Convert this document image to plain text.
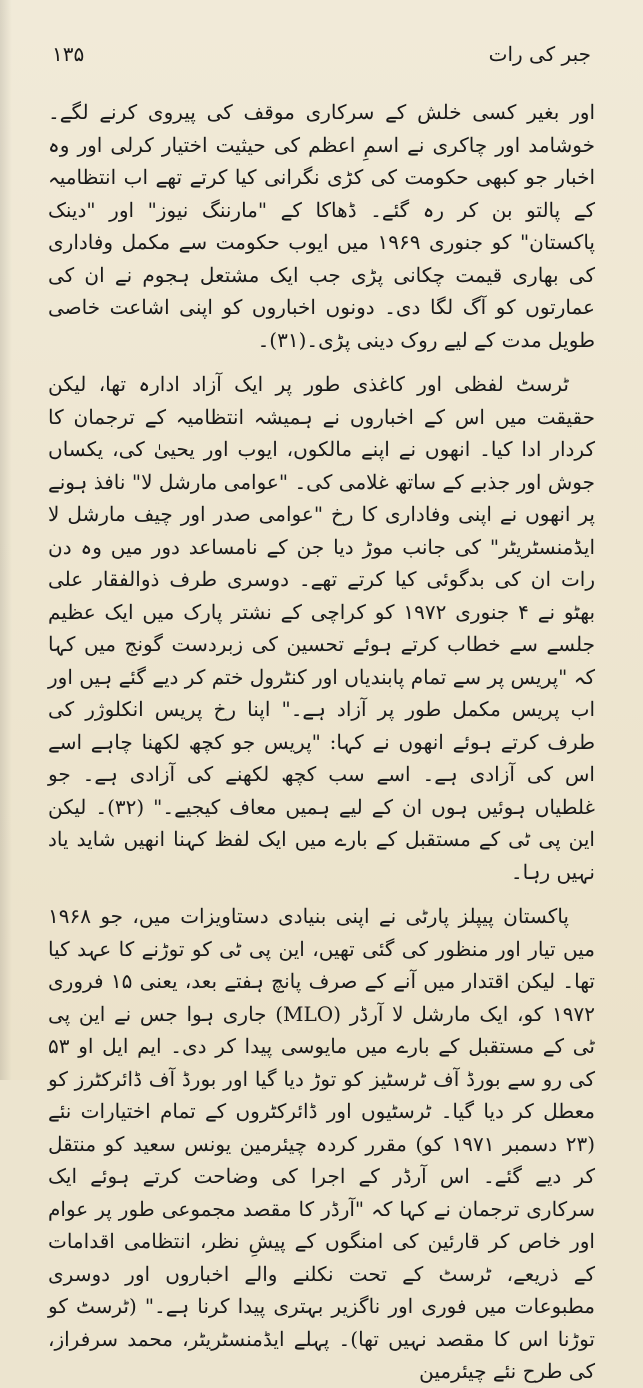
۱۳۵	جبر کی رات

اور بغیر کسی خلش کے سرکاری موقف کی پیروی کرنے لگے۔ خوشامد اور چاکری نے اسمِ اعظم کی حیثیت اختیار کرلی اور وہ اخبار جو کبھی حکومت کی کڑی نگرانی کیا کرتے تھے اب انتظامیہ کے پالتو بن کر رہ گئے۔ ڈھاکا کے "مارننگ نیوز" اور "دینک پاکستان" کو جنوری ۱۹۶۹ میں ایوب حکومت سے مکمل وفاداری کی بھاری قیمت چکانی پڑی جب ایک مشتعل ہجوم نے ان کی عمارتوں کو آگ لگا دی۔ دونوں اخباروں کو اپنی اشاعت خاصی طویل مدت کے لیے روک دینی پڑی۔(۳۱)۔

ٹرسٹ لفظی اور کاغذی طور پر ایک آزاد ادارہ تھا، لیکن حقیقت میں اس کے اخباروں نے ہمیشہ انتظامیہ کے ترجمان کا کردار ادا کیا۔ انھوں نے اپنے مالکوں، ایوب اور یحییٰ کی، یکساں جوش اور جذبے کے ساتھ غلامی کی۔ "عوامی مارشل لا" نافذ ہونے پر انھوں نے اپنی وفاداری کا رخ "عوامی صدر اور چیف مارشل لا ایڈمنسٹریٹر" کی جانب موڑ دیا جن کے نامساعد دور میں وہ دن رات ان کی بدگوئی کیا کرتے تھے۔ دوسری طرف ذوالفقار علی بھٹو نے ۴ جنوری ۱۹۷۲ کو کراچی کے نشتر پارک میں ایک عظیم جلسے سے خطاب کرتے ہوئے تحسین کی زبردست گونج میں کہا کہ "پریس پر سے تمام پابندیاں اور کنٹرول ختم کر دیے گئے ہیں اور اب پریس مکمل طور پر آزاد ہے۔" اپنا رخ پریس انکلوژر کی طرف کرتے ہوئے انھوں نے کہا: "پریس جو کچھ لکھنا چاہے اسے اس کی آزادی ہے۔ اسے سب کچھ لکھنے کی آزادی ہے۔ جو غلطیاں ہوئیں ہوں ان کے لیے ہمیں معاف کیجیے۔" (۳۲)۔ لیکن این پی ٹی کے مستقبل کے بارے میں ایک لفظ کہنا انھیں شاید یاد نہیں رہا۔

پاکستان پیپلز پارٹی نے اپنی بنیادی دستاویزات میں، جو ۱۹۶۸ میں تیار اور منظور کی گئی تھیں، این پی ٹی کو توڑنے کا عہد کیا تھا۔ لیکن اقتدار میں آنے کے صرف پانچ ہفتے بعد، یعنی ۱۵ فروری ۱۹۷۲ کو، ایک مارشل لا آرڈر (MLO) جاری ہوا جس نے این پی ٹی کے مستقبل کے بارے میں مایوسی پیدا کر دی۔ ایم ایل او ۵۳ کی رو سے بورڈ آف ٹرسٹیز کو توڑ دیا گیا اور بورڈ آف ڈائرکٹرز کو معطل کر دیا گیا۔ ٹرسٹیوں اور ڈائرکٹروں کے تمام اختیارات نئے (۲۳ دسمبر ۱۹۷۱ کو) مقرر کردہ چیئرمین یونس سعید کو منتقل کر دیے گئے۔ اس آرڈر کے اجرا کی وضاحت کرتے ہوئے ایک سرکاری ترجمان نے کہا کہ "آرڈر کا مقصد مجموعی طور پر عوام اور خاص کر قارئین کی امنگوں کے پیشِ نظر، انتظامی اقدامات کے ذریعے، ٹرسٹ کے تحت نکلنے والے اخباروں اور دوسری مطبوعات میں فوری اور ناگزیر بہتری پیدا کرنا ہے۔" (ٹرسٹ کو توڑنا اس کا مقصد نہیں تھا)۔ پہلے ایڈمنسٹریٹر، محمد سرفراز، کی طرح نئے چیئرمین
